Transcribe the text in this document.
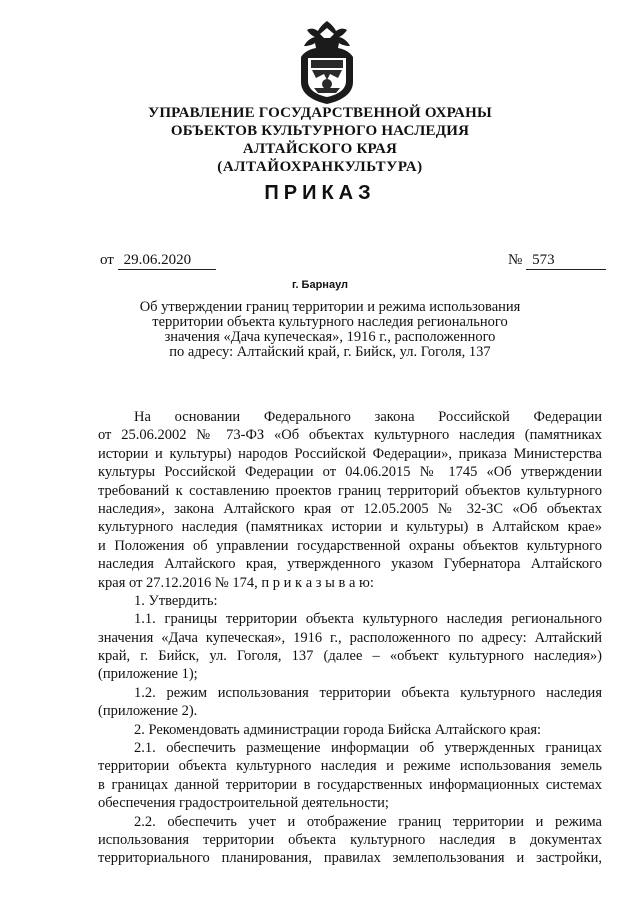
УПРАВЛЕНИЕ ГОСУДАРСТВЕННОЙ ОХРАНЫ
ОБЪЕКТОВ КУЛЬТУРНОГО НАСЛЕДИЯ
АЛТАЙСКОГО КРАЯ
(АЛТАЙОХРАНКУЛЬТУРА)
ПРИКАЗ
от 29.06.2020	№ 573
г. Барнаул
Об утверждении границ территории и режима использования
территории объекта культурного наследия регионального
значения «Дача купеческая», 1916 г., расположенного
по адресу: Алтайский край, г. Бийск, ул. Гоголя, 137
На основании Федерального закона Российской Федерации
от 25.06.2002 № 73-ФЗ «Об объектах культурного наследия (памятниках
истории и культуры) народов Российской Федерации», приказа Министерства
культуры Российской Федерации от 04.06.2015 № 1745 «Об утверждении
требований к составлению проектов границ территорий объектов культурного
наследия», закона Алтайского края от 12.05.2005 № 32-ЗС «Об объектах
культурного наследия (памятниках истории и культуры) в Алтайском крае»
и Положения об управлении государственной охраны объектов культурного
наследия Алтайского края, утвержденного указом Губернатора Алтайского
края от 27.12.2016 № 174, п р и к а з ы в а ю:
1. Утвердить:
1.1. границы территории объекта культурного наследия регионального
значения «Дача купеческая», 1916 г., расположенного по адресу: Алтайский
край, г. Бийск, ул. Гоголя, 137 (далее – «объект культурного наследия»)
(приложение 1);
1.2. режим использования территории объекта культурного наследия
(приложение 2).
2. Рекомендовать администрации города Бийска Алтайского края:
2.1. обеспечить размещение информации об утвержденных границах
территории объекта культурного наследия и режиме использования земель
в границах данной территории в государственных информационных системах
обеспечения градостроительной деятельности;
2.2. обеспечить учет и отображение границ территории и режима
использования территории объекта культурного наследия в документах
территориального планирования, правилах землепользования и застройки,
